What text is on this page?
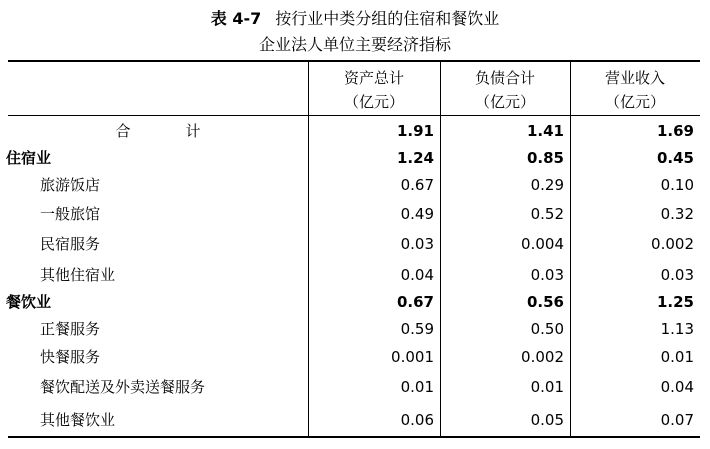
表 4-7 按行业中类分组的住宿和餐饮业
企业法人单位主要经济指标
资产总计
（亿元）
负债合计
（亿元）
营业收入
（亿元）
合　计	1.91	1.41	1.69
住宿业	1.24	0.85	0.45
旅游饭店	0.67	0.29	0.10
一般旅馆	0.49	0.52	0.32
民宿服务	0.03	0.004	0.002
其他住宿业	0.04	0.03	0.03
餐饮业	0.67	0.56	1.25
正餐服务	0.59	0.50	1.13
快餐服务	0.001	0.002	0.01
餐饮配送及外卖送餐服务	0.01	0.01	0.04
其他餐饮业	0.06	0.05	0.07
